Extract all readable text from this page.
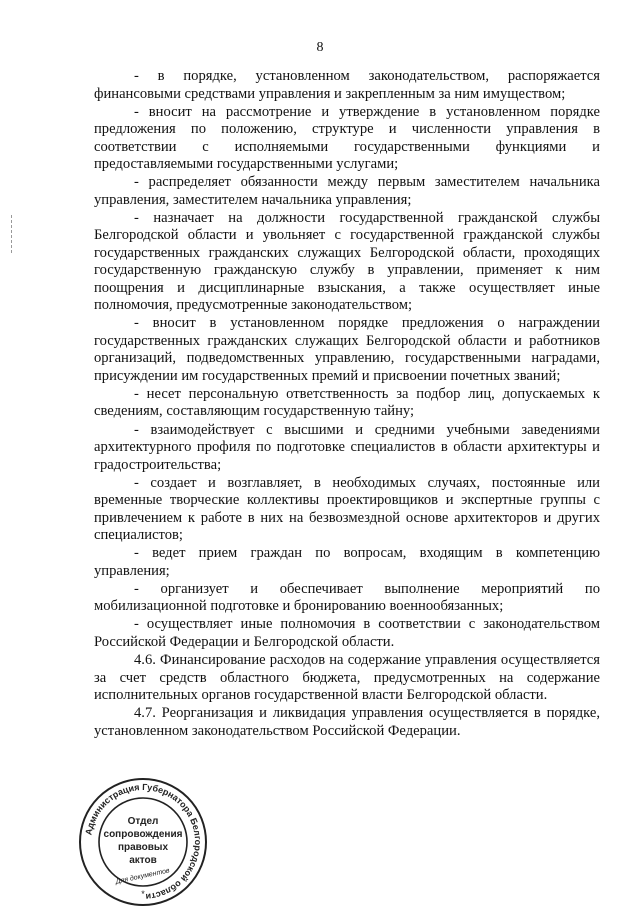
8

- в порядке, установленном законодательством, распоряжается финансовыми средствами управления и закрепленным за ним имуществом;

- вносит на рассмотрение и утверждение в установленном порядке предложения по положению, структуре и численности управления в соответствии с исполняемыми государственными функциями и предоставляемыми государственными услугами;

- распределяет обязанности между первым заместителем начальника управления, заместителем начальника управления;

- назначает на должности государственной гражданской службы Белгородской области и увольняет с государственной гражданской службы государственных гражданских служащих Белгородской области, проходящих государственную гражданскую службу в управлении, применяет к ним поощрения и дисциплинарные взыскания, а также осуществляет иные полномочия, предусмотренные законодательством;

- вносит в установленном порядке предложения о награждении государственных гражданских служащих Белгородской области и работников организаций, подведомственных управлению, государственными наградами, присуждении им государственных премий и присвоении почетных званий;

- несет персональную ответственность за подбор лиц, допускаемых к сведениям, составляющим государственную тайну;

- взаимодействует с высшими и средними учебными заведениями архитектурного профиля по подготовке специалистов в области архитектуры и градостроительства;

- создает и возглавляет, в необходимых случаях, постоянные или временные творческие коллективы проектировщиков и экспертные группы с привлечением к работе в них на безвозмездной основе архитекторов и других специалистов;

- ведет прием граждан по вопросам, входящим в компетенцию управления;

- организует и обеспечивает выполнение мероприятий по мобилизационной подготовке и бронированию военнообязанных;

- осуществляет иные полномочия в соответствии с законодательством Российской Федерации и Белгородской области.

4.6. Финансирование расходов на содержание управления осуществляется за счет средств областного бюджета, предусмотренных на содержание исполнительных органов государственной власти Белгородской области.

4.7. Реорганизация и ликвидация управления осуществляется в порядке, установленном законодательством Российской Федерации.

Администрация Губернатора Белгородской области
Отдел
сопровождения
правовых
актов
Для документов
*
